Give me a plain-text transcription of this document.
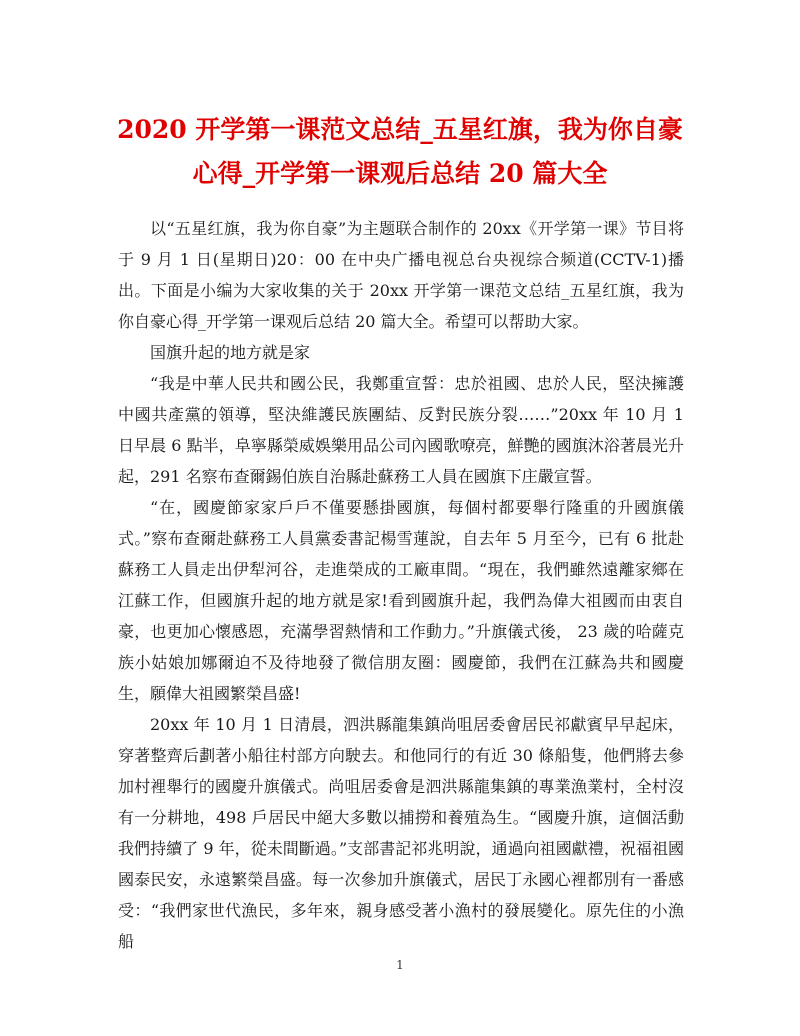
2020 开学第一课范文总结_五星红旗，我为你自豪心得_开学第一课观后总结 20 篇大全

以“五星红旗，我为你自豪”为主题联合制作的 20xx《开学第一课》节目将于 9 月 1 日(星期日)20：00 在中央广播电视总台央视综合频道(CCTV-1)播出。下面是小编为大家收集的关于 20xx 开学第一课范文总结_五星红旗，我为你自豪心得_开学第一课观后总结 20 篇大全。希望可以帮助大家。

国旗升起的地方就是家

“我是中華人民共和國公民，我鄭重宣誓：忠於祖國、忠於人民，堅決擁護中國共產黨的領導，堅決維護民族團結、反對民族分裂……”20xx 年 10 月 1 日早晨 6 點半，阜寧縣榮威娛樂用品公司內國歌嘹亮，鮮艷的國旗沐浴著晨光升起，291 名察布查爾錫伯族自治縣赴蘇務工人員在國旗下庄嚴宣誓。

“在，國慶節家家戶戶不僅要懸掛國旗，每個村都要舉行隆重的升國旗儀式。”察布查爾赴蘇務工人員黨委書記楊雪蓮說，自去年 5 月至今，已有 6 批赴蘇務工人員走出伊犁河谷，走進榮成的工廠車間。“現在，我們雖然遠離家鄉在江蘇工作，但國旗升起的地方就是家!看到國旗升起，我們為偉大祖國而由衷自豪，也更加心懷感恩，充滿學習熱情和工作動力。”升旗儀式後， 23 歲的哈薩克族小姑娘加娜爾迫不及待地發了微信朋友圈：國慶節，我們在江蘇為共和國慶生，願偉大祖國繁榮昌盛!

20xx 年 10 月 1 日清晨，泗洪縣龍集鎮尚咀居委會居民祁獻賓早早起床，穿著整齊后劃著小船往村部方向駛去。和他同行的有近 30 條船隻，他們將去參加村裡舉行的國慶升旗儀式。尚咀居委會是泗洪縣龍集鎮的專業漁業村，全村沒有一分耕地，498 戶居民中絕大多數以捕撈和養殖為生。“國慶升旗，這個活動我們持續了 9 年，從未間斷過。”支部書記祁兆明說，通過向祖國獻禮，祝福祖國國泰民安，永遠繁榮昌盛。每一次參加升旗儀式，居民丁永國心裡都別有一番感受：“我們家世代漁民，多年來，親身感受著小漁村的發展變化。原先住的小漁船

1
